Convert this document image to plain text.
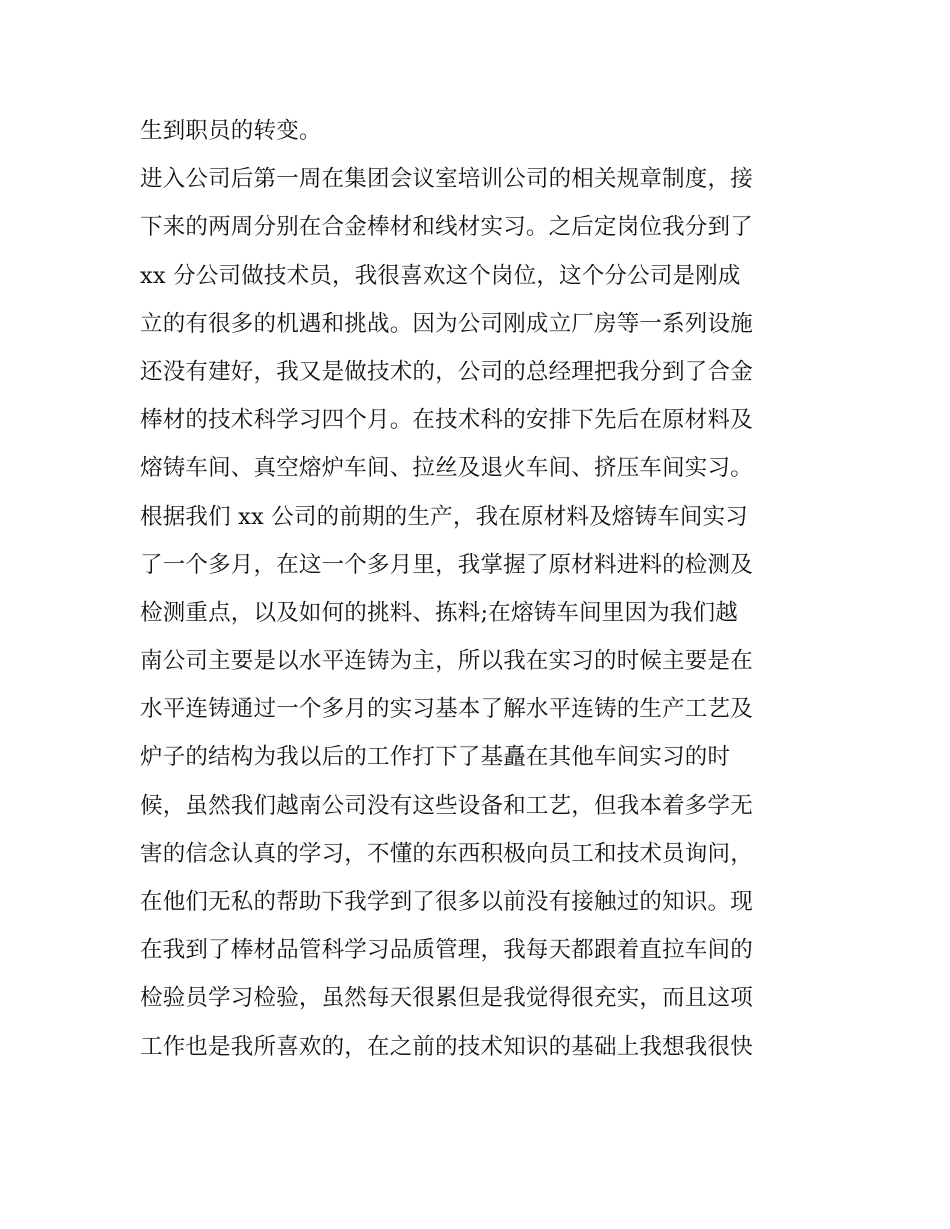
生到职员的转变。
进入公司后第一周在集团会议室培训公司的相关规章制度，接
下来的两周分别在合金棒材和线材实习。之后定岗位我分到了
xx 分公司做技术员，我很喜欢这个岗位，这个分公司是刚成
立的有很多的机遇和挑战。因为公司刚成立厂房等一系列设施
还没有建好，我又是做技术的，公司的总经理把我分到了合金
棒材的技术科学习四个月。在技术科的安排下先后在原材料及
熔铸车间、真空熔炉车间、拉丝及退火车间、挤压车间实习。
根据我们 xx 公司的前期的生产，我在原材料及熔铸车间实习
了一个多月，在这一个多月里，我掌握了原材料进料的检测及
检测重点，以及如何的挑料、拣料;在熔铸车间里因为我们越
南公司主要是以水平连铸为主，所以我在实习的时候主要是在
水平连铸通过一个多月的实习基本了解水平连铸的生产工艺及
炉子的结构为我以后的工作打下了基矗在其他车间实习的时
候，虽然我们越南公司没有这些设备和工艺，但我本着多学无
害的信念认真的学习，不懂的东西积极向员工和技术员询问，
在他们无私的帮助下我学到了很多以前没有接触过的知识。现
在我到了棒材品管科学习品质管理，我每天都跟着直拉车间的
检验员学习检验，虽然每天很累但是我觉得很充实，而且这项
工作也是我所喜欢的，在之前的技术知识的基础上我想我很快
